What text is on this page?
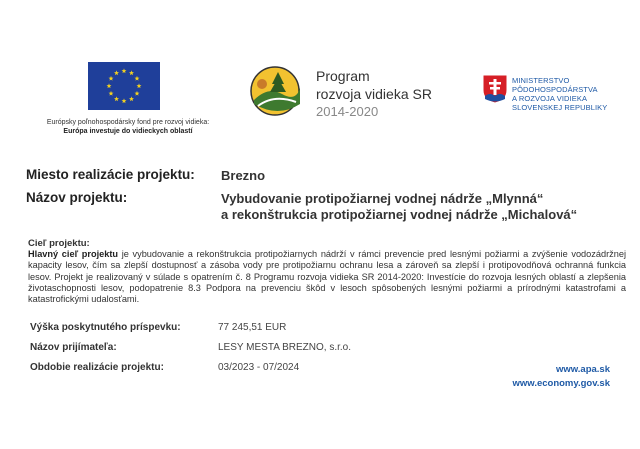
Európsky poľnohospodársky fond pre rozvoj vidieka:
Európa investuje do vidieckych oblastí
Program
rozvoja vidieka SR
2014-2020
MINISTERSTVO
PÔDOHOSPODÁRSTVA
A ROZVOJA VIDIEKA
SLOVENSKEJ REPUBLIKY
Miesto realizácie projektu: Brezno
Názov projektu:	Vybudovanie protipožiarnej vodnej nádrže „Mlynná“
a rekonštrukcia protipožiarnej vodnej nádrže „Michalová“
Cieľ projektu:
Hlavný cieľ projektu je vybudovanie a rekonštrukcia protipožiarnych nádrží v rámci prevencie pred lesnými požiarmi a zvýšenie vodozádržnej kapacity lesov, čím sa zlepší dostupnosť a zásoba vody pre protipožiarnu ochranu lesa a zároveň sa zlepší i protipovodňová ochranná funkcia lesov. Projekt je realizovaný v súlade s opatrením č. 8 Programu rozvoja vidieka SR 2014-2020: Investície do rozvoja lesných oblastí a zlepšenia životaschopnosti lesov, podopatrenie 8.3 Podpora na prevenciu škôd v lesoch spôsobených lesnými požiarmi a prírodnými katastrofami a katastrofickými udalosťami.
Výška poskytnutého príspevku:	77 245,51 EUR
Názov prijímateľa:	LESY MESTA BREZNO, s.r.o.
Obdobie realizácie projektu:	03/2023 - 07/2024	www.apa.sk
www.economy.gov.sk
